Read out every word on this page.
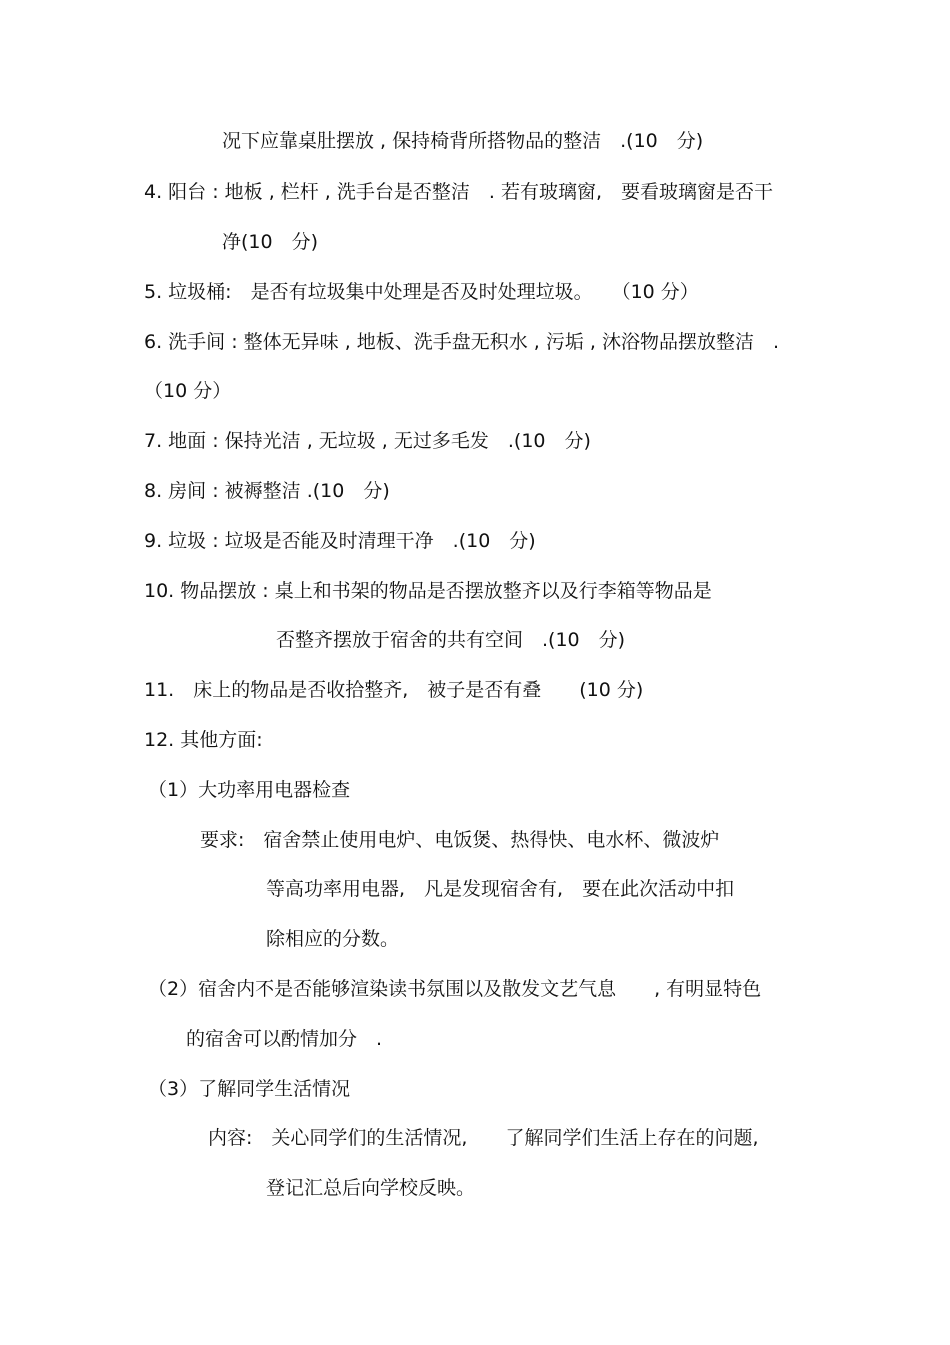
况下应靠桌肚摆放 , 保持椅背所搭物品的整洁　.(10　分)
4. 阳台 : 地板 , 栏杆 , 洗手台是否整洁　. 若有玻璃窗,　要看玻璃窗是否干
净(10　分)
5. 垃圾桶:　是否有垃圾集中处理是否及时处理垃圾。　　（10 分）
6. 洗手间 : 整体无异味 , 地板、洗手盘无积水 , 污垢 , 沐浴物品摆放整洁　.
（10 分）
7. 地面 : 保持光洁 , 无垃圾 , 无过多毛发　.(10　分)
8. 房间 : 被褥整洁 .(10　分)
9. 垃圾 : 垃圾是否能及时清理干净　.(10　分)
10. 物品摆放 : 桌上和书架的物品是否摆放整齐以及行李箱等物品是
否整齐摆放于宿舍的共有空间　.(10　分)
11.　床上的物品是否收拾整齐,　被子是否有叠　　(10 分)
12. 其他方面:
（1）大功率用电器检查
要求:　宿舍禁止使用电炉、电饭煲、热得快、电水杯、微波炉
等高功率用电器,　凡是发现宿舍有,　要在此次活动中扣
除相应的分数。
（2）宿舍内不是否能够渲染读书氛围以及散发文艺气息　　, 有明显特色
的宿舍可以酌情加分　.
（3）了解同学生活情况
内容:　关心同学们的生活情况,　　了解同学们生活上存在的问题,
登记汇总后向学校反映。
